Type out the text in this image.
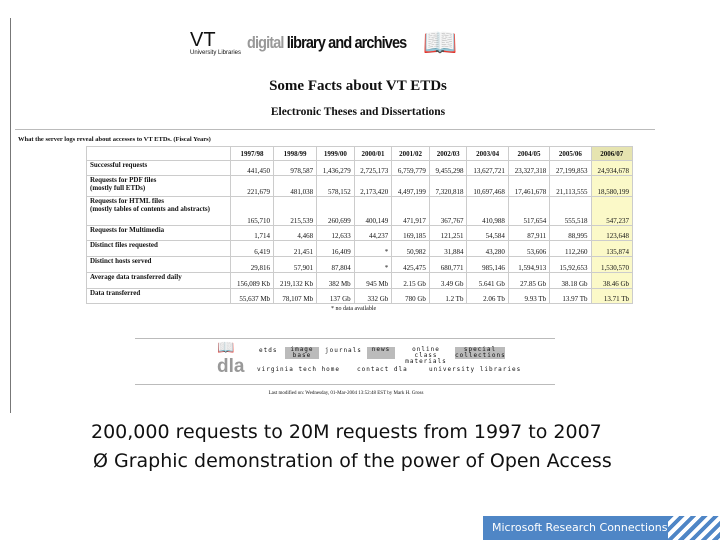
VT
University Libraries
digital library and archives 📖
Some Facts about VT ETDs
Electronic Theses and Dissertations
What the server logs reveal about accesses to VT ETDs. (Fiscal Years)
	1997/98	1998/99	1999/00	2000/01	2001/02	2002/03	2003/04	2004/05	2005/06	2006/07
Successful requests	441,450	978,587	1,436,279	2,725,173	6,759,779	9,455,298	13,627,721	23,327,318	27,199,853	24,934,678
Requests for PDF files
(mostly full ETDs)	221,679	481,038	578,152	2,173,420	4,497,199	7,320,818	10,697,468	17,461,678	21,113,555	18,580,199
Requests for HTML files
(mostly tables of contents and abstracts)	165,710	215,539	260,699	400,149	471,917	367,767	410,988	517,654	555,518	547,237
Requests for Multimedia	1,714	4,468	12,633	44,237	169,185	121,251	54,584	87,911	88,995	123,648
Distinct files requested	6,419	21,451	16,409	*	50,982	31,884	43,280	53,606	112,260	135,874
Distinct hosts served	29,816	57,901	87,804	*	425,475	680,771	985,146	1,594,913	15,92,653	1,530,570
Average data transferred daily	156,089 Kb	219,132 Kb	382 Mb	945 Mb	2.15 Gb	3.49 Gb	5.641 Gb	27.85 Gb	38.18 Gb	38.46 Gb
Data transferred	55,637 Mb	78,107 Mb	137 Gb	332 Gb	780 Gb	1.2 Tb	2.06 Tb	9.93 Tb	13.97 Tb	13.71 Tb
* no data available
📖	etds	image base
journals	news	online class materials
special collections
virginia tech home	contact dla	university libraries
dla
Last modified on: Wednesday, 01-Mar-2004 13:52:48 EST by Mark H. Gross
200,000 requests to 20M requests from 1997 to 2007
Ø Graphic demonstration of the power of Open Access
Microsoft Research Connections
